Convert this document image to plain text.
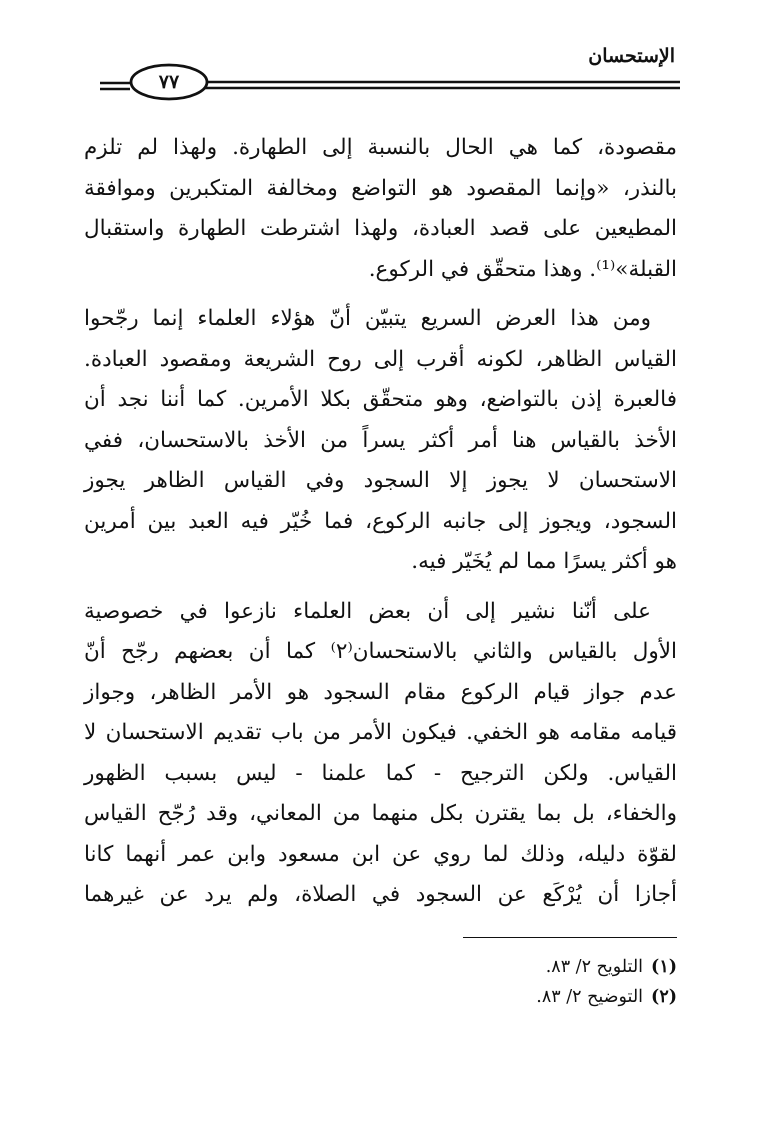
الإستحسان
٧٧
مقصودة، كما هي الحال بالنسبة إلى الطهارة. ولهذا لم تلزم
بالنذر، «وإنما المقصود هو التواضع ومخالفة المتكبرين وموافقة
المطيعين على قصد العبادة، ولهذا اشترطت الطهارة واستقبال
القبلة»⁽¹⁾. وهذا متحقّق في الركوع.
ومن هذا العرض السريع يتبيّن أنّ هؤلاء العلماء إنما رجّحوا
القياس الظاهر، لكونه أقرب إلى روح الشريعة ومقصود العبادة.
فالعبرة إذن بالتواضع، وهو متحقّق بكلا الأمرين. كما أننا نجد أن
الأخذ بالقياس هنا أمر أكثر يسراً من الأخذ بالاستحسان، ففي
الاستحسان لا يجوز إلا السجود وفي القياس الظاهر يجوز
السجود، ويجوز إلى جانبه الركوع، فما خُيّر فيه العبد بين أمرين
هو أكثر يسرًا مما لم يُخَيّر فيه.
على أنّنا نشير إلى أن بعض العلماء نازعوا في خصوصية
الأول بالقياس والثاني بالاستحسان⁽٢⁾ كما أن بعضهم رجّح أنّ
عدم جواز قيام الركوع مقام السجود هو الأمر الظاهر، وجواز
قيامه مقامه هو الخفي. فيكون الأمر من باب تقديم الاستحسان لا
القياس. ولكن الترجيح - كما علمنا - ليس بسبب الظهور
والخفاء، بل بما يقترن بكل منهما من المعاني، وقد رُجّح القياس
لقوّة دليله، وذلك لما روي عن ابن مسعود وابن عمر أنهما كانا
أجازا أن يُرْكَع عن السجود في الصلاة، ولم يرد عن غيرهما
(١)التلويح ٢/ ٨٣.
(٢)التوضيح ٢/ ٨٣.
